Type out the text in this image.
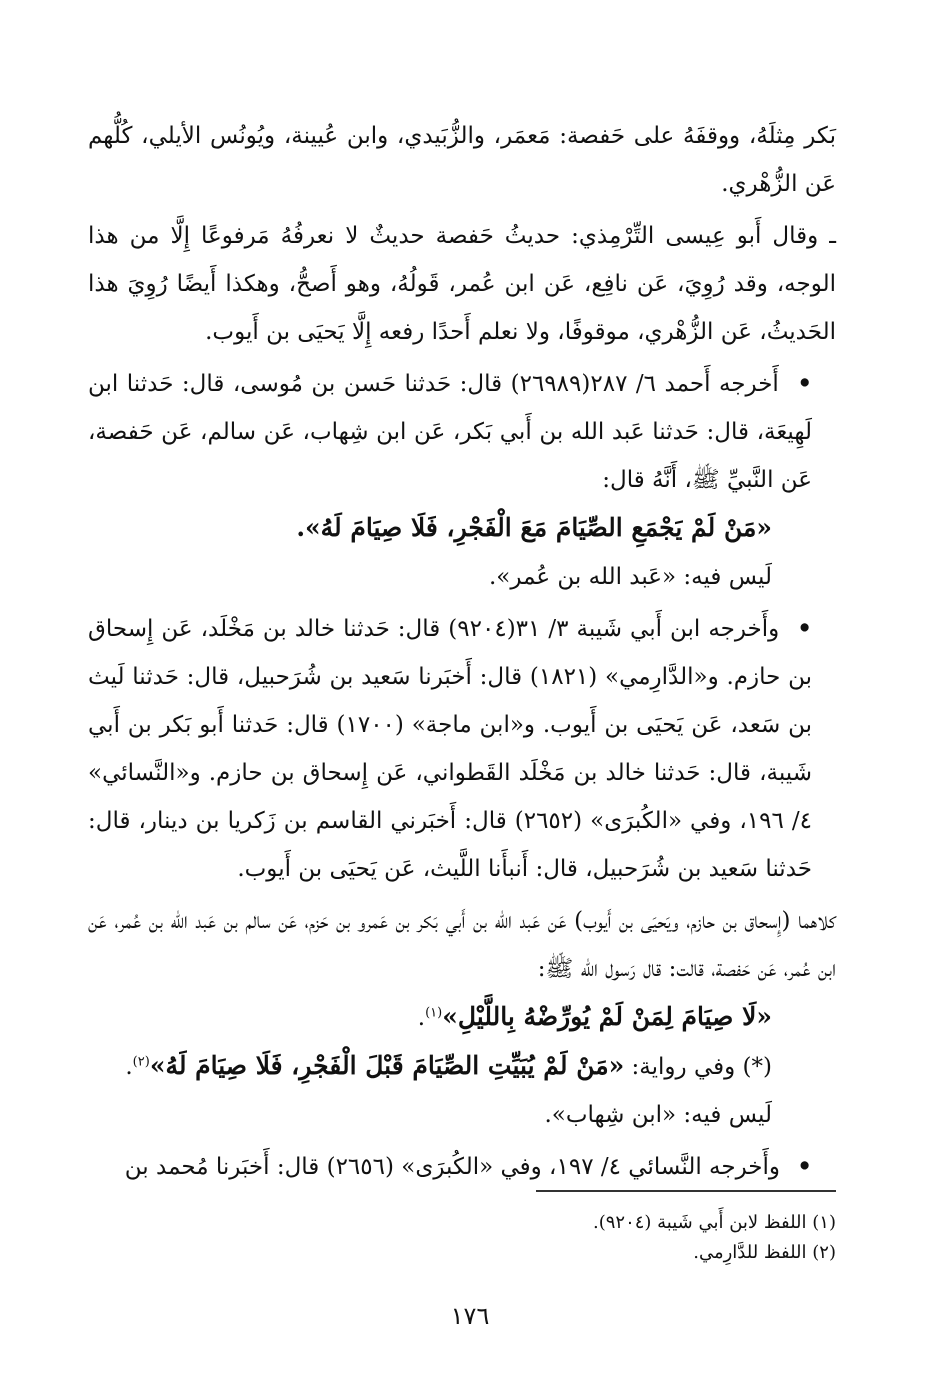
بَكر مِثلَهُ، ووقفَهُ على حَفصة: مَعمَر، والزُّبَيدي، وابن عُيينة، ويُونُس الأيلي، كُلُّهم عَن الزُّهْري.

ـ وقال أَبو عِيسى التِّرْمِذي: حديثُ حَفصة حديثٌ لا نعرفُهُ مَرفوعًا إِلَّا من هذا الوجه، وقد رُوِيَ، عَن نافِع، عَن ابن عُمر، قَولُهُ، وهو أَصحُّ، وهكذا أَيضًا رُوِيَ هذا الحَديثُ، عَن الزُّهْري، موقوفًا، ولا نعلم أَحدًا رفعه إِلَّا يَحيَى بن أَيوب.

• أَخرجه أَحمد ٦/ ٢٨٧(٢٦٩٨٩) قال: حَدثنا حَسن بن مُوسى، قال: حَدثنا ابن لَهِيعَة، قال: حَدثنا عَبد الله بن أَبي بَكر، عَن ابن شِهاب، عَن سالم، عَن حَفصة، عَن النَّبيِّ ﷺ، أَنَّهُ قال:

«مَنْ لَمْ يَجْمَعِ الصِّيَامَ مَعَ الْفَجْرِ، فَلَا صِيَامَ لَهُ».

لَيس فيه: «عَبد الله بن عُمر».

• وأَخرجه ابن أَبي شَيبة ٣/ ٣١(٩٢٠٤) قال: حَدثنا خالد بن مَخْلَد، عَن إِسحاق بن حازم. و«الدَّارِمي» (١٨٢١) قال: أَخبَرنا سَعيد بن شُرَحبيل، قال: حَدثنا لَيث بن سَعد، عَن يَحيَى بن أَيوب. و«ابن ماجة» (١٧٠٠) قال: حَدثنا أَبو بَكر بن أَبي شَيبة، قال: حَدثنا خالد بن مَخْلَد القَطواني، عَن إِسحاق بن حازم. و«النَّسائي» ٤/ ١٩٦، وفي «الكُبرَى» (٢٦٥٢) قال: أَخبَرني القاسم بن زَكريا بن دينار، قال: حَدثنا سَعيد بن شُرَحبيل، قال: أَنبأَنا اللَّيث، عَن يَحيَى بن أَيوب.

كلاهما (إِسحاق بن حازم، ويَحيَى بن أَيوب) عَن عَبد الله بن أَبي بَكر بن عَمرو بن حَزم، عَن سالم بن عَبد الله بن عُمر، عَن ابن عُمر، عَن حَفصة، قالت: قال رَسول الله ﷺ:

«لَا صِيَامَ لِمَنْ لَمْ يُورِّضْهُ بِاللَّيْلِ»$^{(١)}$.

(*) وفي رواية: «مَنْ لَمْ يُبَيِّتِ الصِّيَامَ قَبْلَ الْفَجْرِ، فَلَا صِيَامَ لَهُ»$^{(٢)}$.

لَيس فيه: «ابن شِهاب».

• وأَخرجه النَّسائي ٤/ ١٩٧، وفي «الكُبرَى» (٢٦٥٦) قال: أَخبَرنا مُحمد بن

(١) اللفظ لابن أَبي شَيبة (٩٢٠٤).
(٢) اللفظ للدَّارِمي.
١٧٦
